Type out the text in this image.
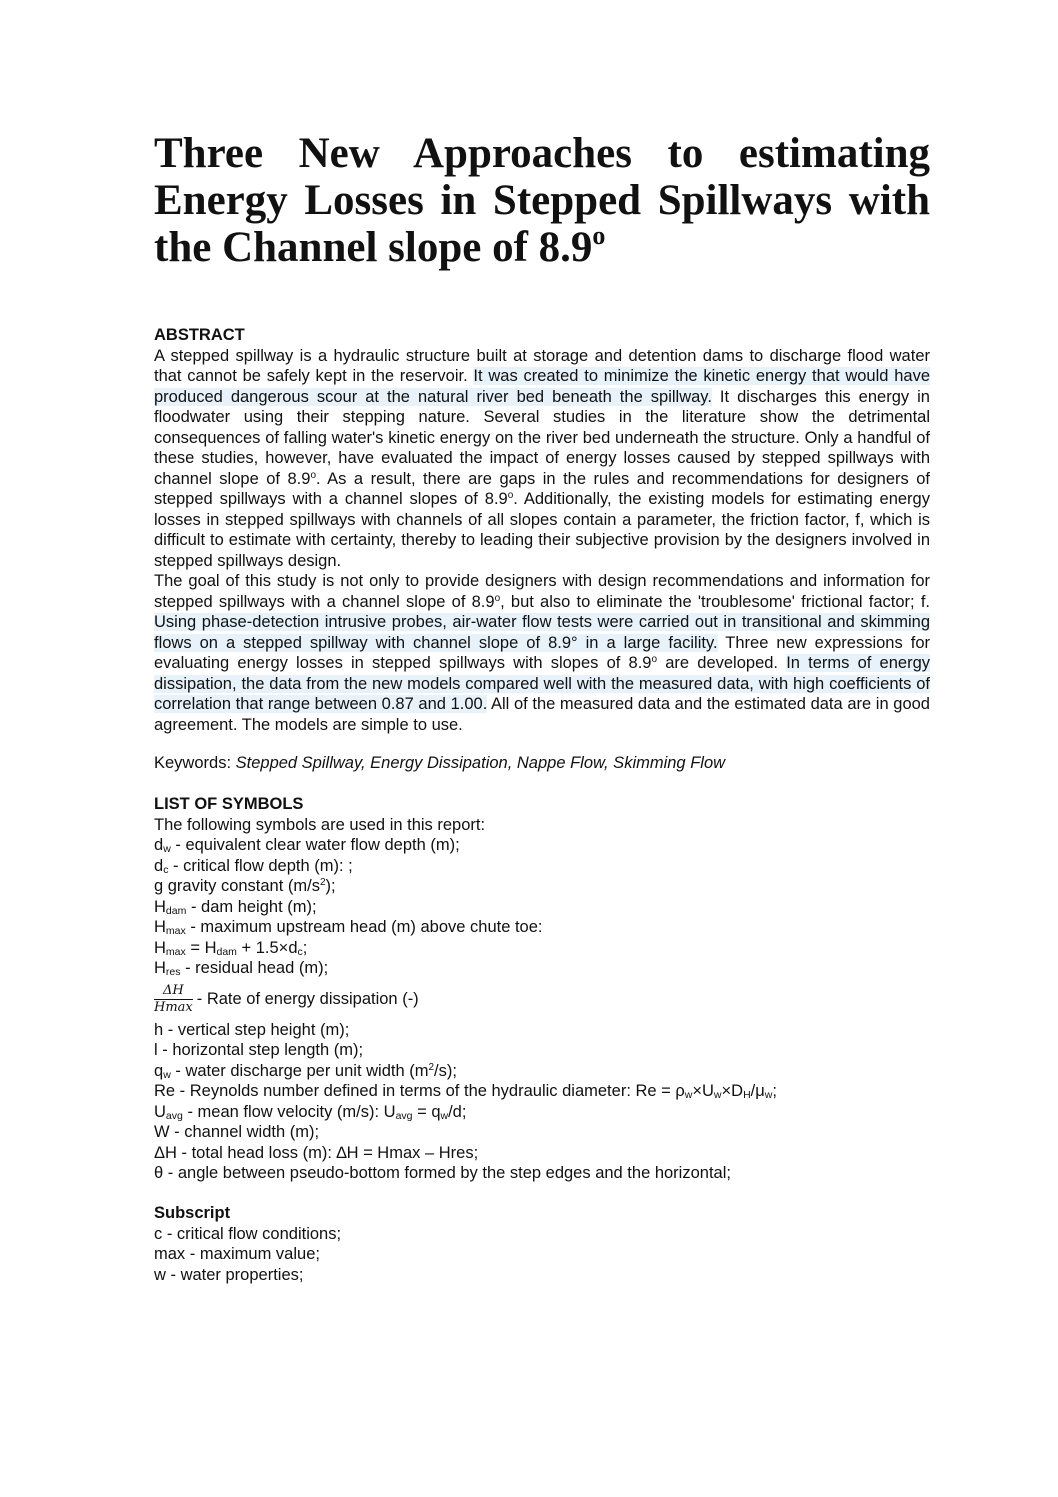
Three New Approaches to estimating Energy Losses in Stepped Spillways with the Channel slope of 8.9$^o$

ABSTRACT

A stepped spillway is a hydraulic structure built at storage and detention dams to discharge flood water that cannot be safely kept in the reservoir. It was created to minimize the kinetic energy that would have produced dangerous scour at the natural river bed beneath the spillway. It discharges this energy in floodwater using their stepping nature. Several studies in the literature show the detrimental consequences of falling water's kinetic energy on the river bed underneath the structure. Only a handful of these studies, however, have evaluated the impact of energy losses caused by stepped spillways with channel slope of 8.9$^o$. As a result, there are gaps in the rules and recommendations for designers of stepped spillways with a channel slopes of 8.9$^o$. Additionally, the existing models for estimating energy losses in stepped spillways with channels of all slopes contain a parameter, the friction factor, f, which is difficult to estimate with certainty, thereby to leading their subjective provision by the designers involved in stepped spillways design.

The goal of this study is not only to provide designers with design recommendations and information for stepped spillways with a channel slope of 8.9$^o$, but also to eliminate the 'troublesome' frictional factor; f. Using phase-detection intrusive probes, air-water flow tests were carried out in transitional and skimming flows on a stepped spillway with channel slope of 8.9° in a large facility. Three new expressions for evaluating energy losses in stepped spillways with slopes of 8.9$^o$ are developed. In terms of energy dissipation, the data from the new models compared well with the measured data, with high coefficients of correlation that range between 0.87 and 1.00. All of the measured data and the estimated data are in good agreement. The models are simple to use.

Keywords: Stepped Spillway, Energy Dissipation, Nappe Flow, Skimming Flow

LIST OF SYMBOLS

The following symbols are used in this report:

$d_w$ - equivalent clear water flow depth (m);

$d_c$ - critical flow depth (m): ;

g gravity constant $(m/s^2)$;

$H_{dam}$ - dam height (m);

$H_{max}$ - maximum upstream head (m) above chute toe:

$H_{max} = H_{dam} + 1.5\times d_c$;

$H_{res}$ - residual head (m);

$\frac{\Delta H}{Hmax}$ - Rate of energy dissipation (-)

h - vertical step height (m);

l - horizontal step length (m);

$q_w$ - water discharge per unit width $(m^2/s)$;

Re - Reynolds number defined in terms of the hydraulic diameter: $Re = \rho_w\times U_w\times D_H/\mu_w$;

$U_{avg}$ - mean flow velocity (m/s): $U_{avg} = q_w/d$;

W - channel width (m);

ΔH - total head loss (m): ∆H = Hmax – Hres;

θ - angle between pseudo-bottom formed by the step edges and the horizontal;

Subscript

c - critical flow conditions;

max - maximum value;

w - water properties;
